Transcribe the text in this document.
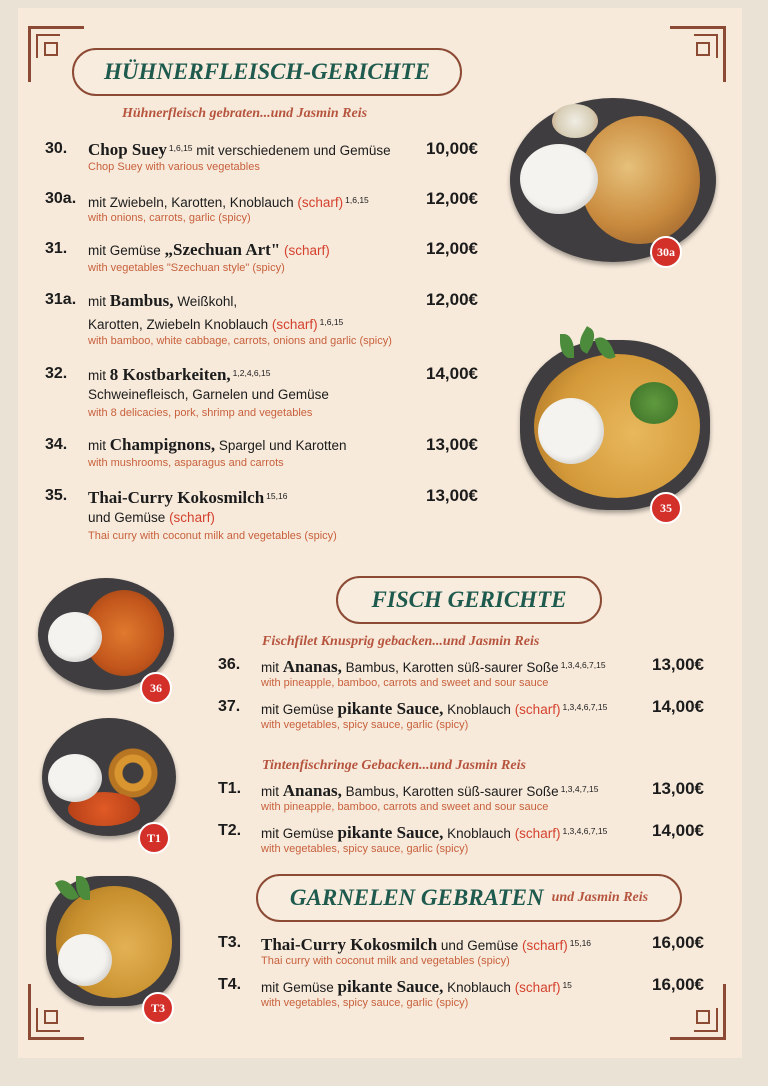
HÜHNERFLEISCH-GERICHTE
Hühnerfleisch gebraten...und Jasmin Reis
30. Chop Suey $^{1,6,15}$ mit verschiedenem und Gemüse
Chop Suey with various vegetables
10,00€
30a. mit Zwiebeln, Karotten, Knoblauch (scharf) $^{1,6,15}$
with onions, carrots, garlic (spicy)
12,00€
31. mit Gemüse „Szechuan Art" (scharf)
with vegetables "Szechuan style" (spicy)
12,00€
31a. mit Bambus, Weißkohl,
Karotten, Zwiebeln Knoblauch (scharf) $^{1,6,15}$
with bamboo, white cabbage, carrots, onions and garlic (spicy)
12,00€
32. mit 8 Kostbarkeiten, $^{1,2,4,6,15}$
Schweinefleisch, Garnelen und Gemüse
with 8 delicacies, pork, shrimp and vegetables
14,00€
34. mit Champignons, Spargel und Karotten
with mushrooms, asparagus and carrots
13,00€
35. Thai-Curry Kokosmilch $^{15,16}$
und Gemüse (scharf)
Thai curry with coconut milk and vegetables (spicy)
13,00€
30a
35
FISCH GERICHTE
Fischfilet Knusprig gebacken...und Jasmin Reis
36. mit Ananas, Bambus, Karotten süß-saurer Soße $^{1,3,4,6,7,15}$
with pineapple, bamboo, carrots and sweet and sour sauce
13,00€
37. mit Gemüse pikante Sauce, Knoblauch (scharf) $^{1,3,4,6,7,15}$
with vegetables, spicy sauce, garlic (spicy)
14,00€
Tintenfischringe Gebacken...und Jasmin Reis
T1. mit Ananas, Bambus, Karotten süß-saurer Soße $^{1,3,4,7,15}$
with pineapple, bamboo, carrots and sweet and sour sauce
13,00€
T2. mit Gemüse pikante Sauce, Knoblauch (scharf) $^{1,3,4,6,7,15}$
with vegetables, spicy sauce, garlic (spicy)
14,00€
GARNELEN GEBRATEN und Jasmin Reis
T3. Thai-Curry Kokosmilch und Gemüse (scharf) $^{15,16}$
Thai curry with coconut milk and vegetables (spicy)
16,00€
T4. mit Gemüse pikante Sauce, Knoblauch (scharf) $^{15}$
with vegetables, spicy sauce, garlic (spicy)
16,00€
36
T1
T3
